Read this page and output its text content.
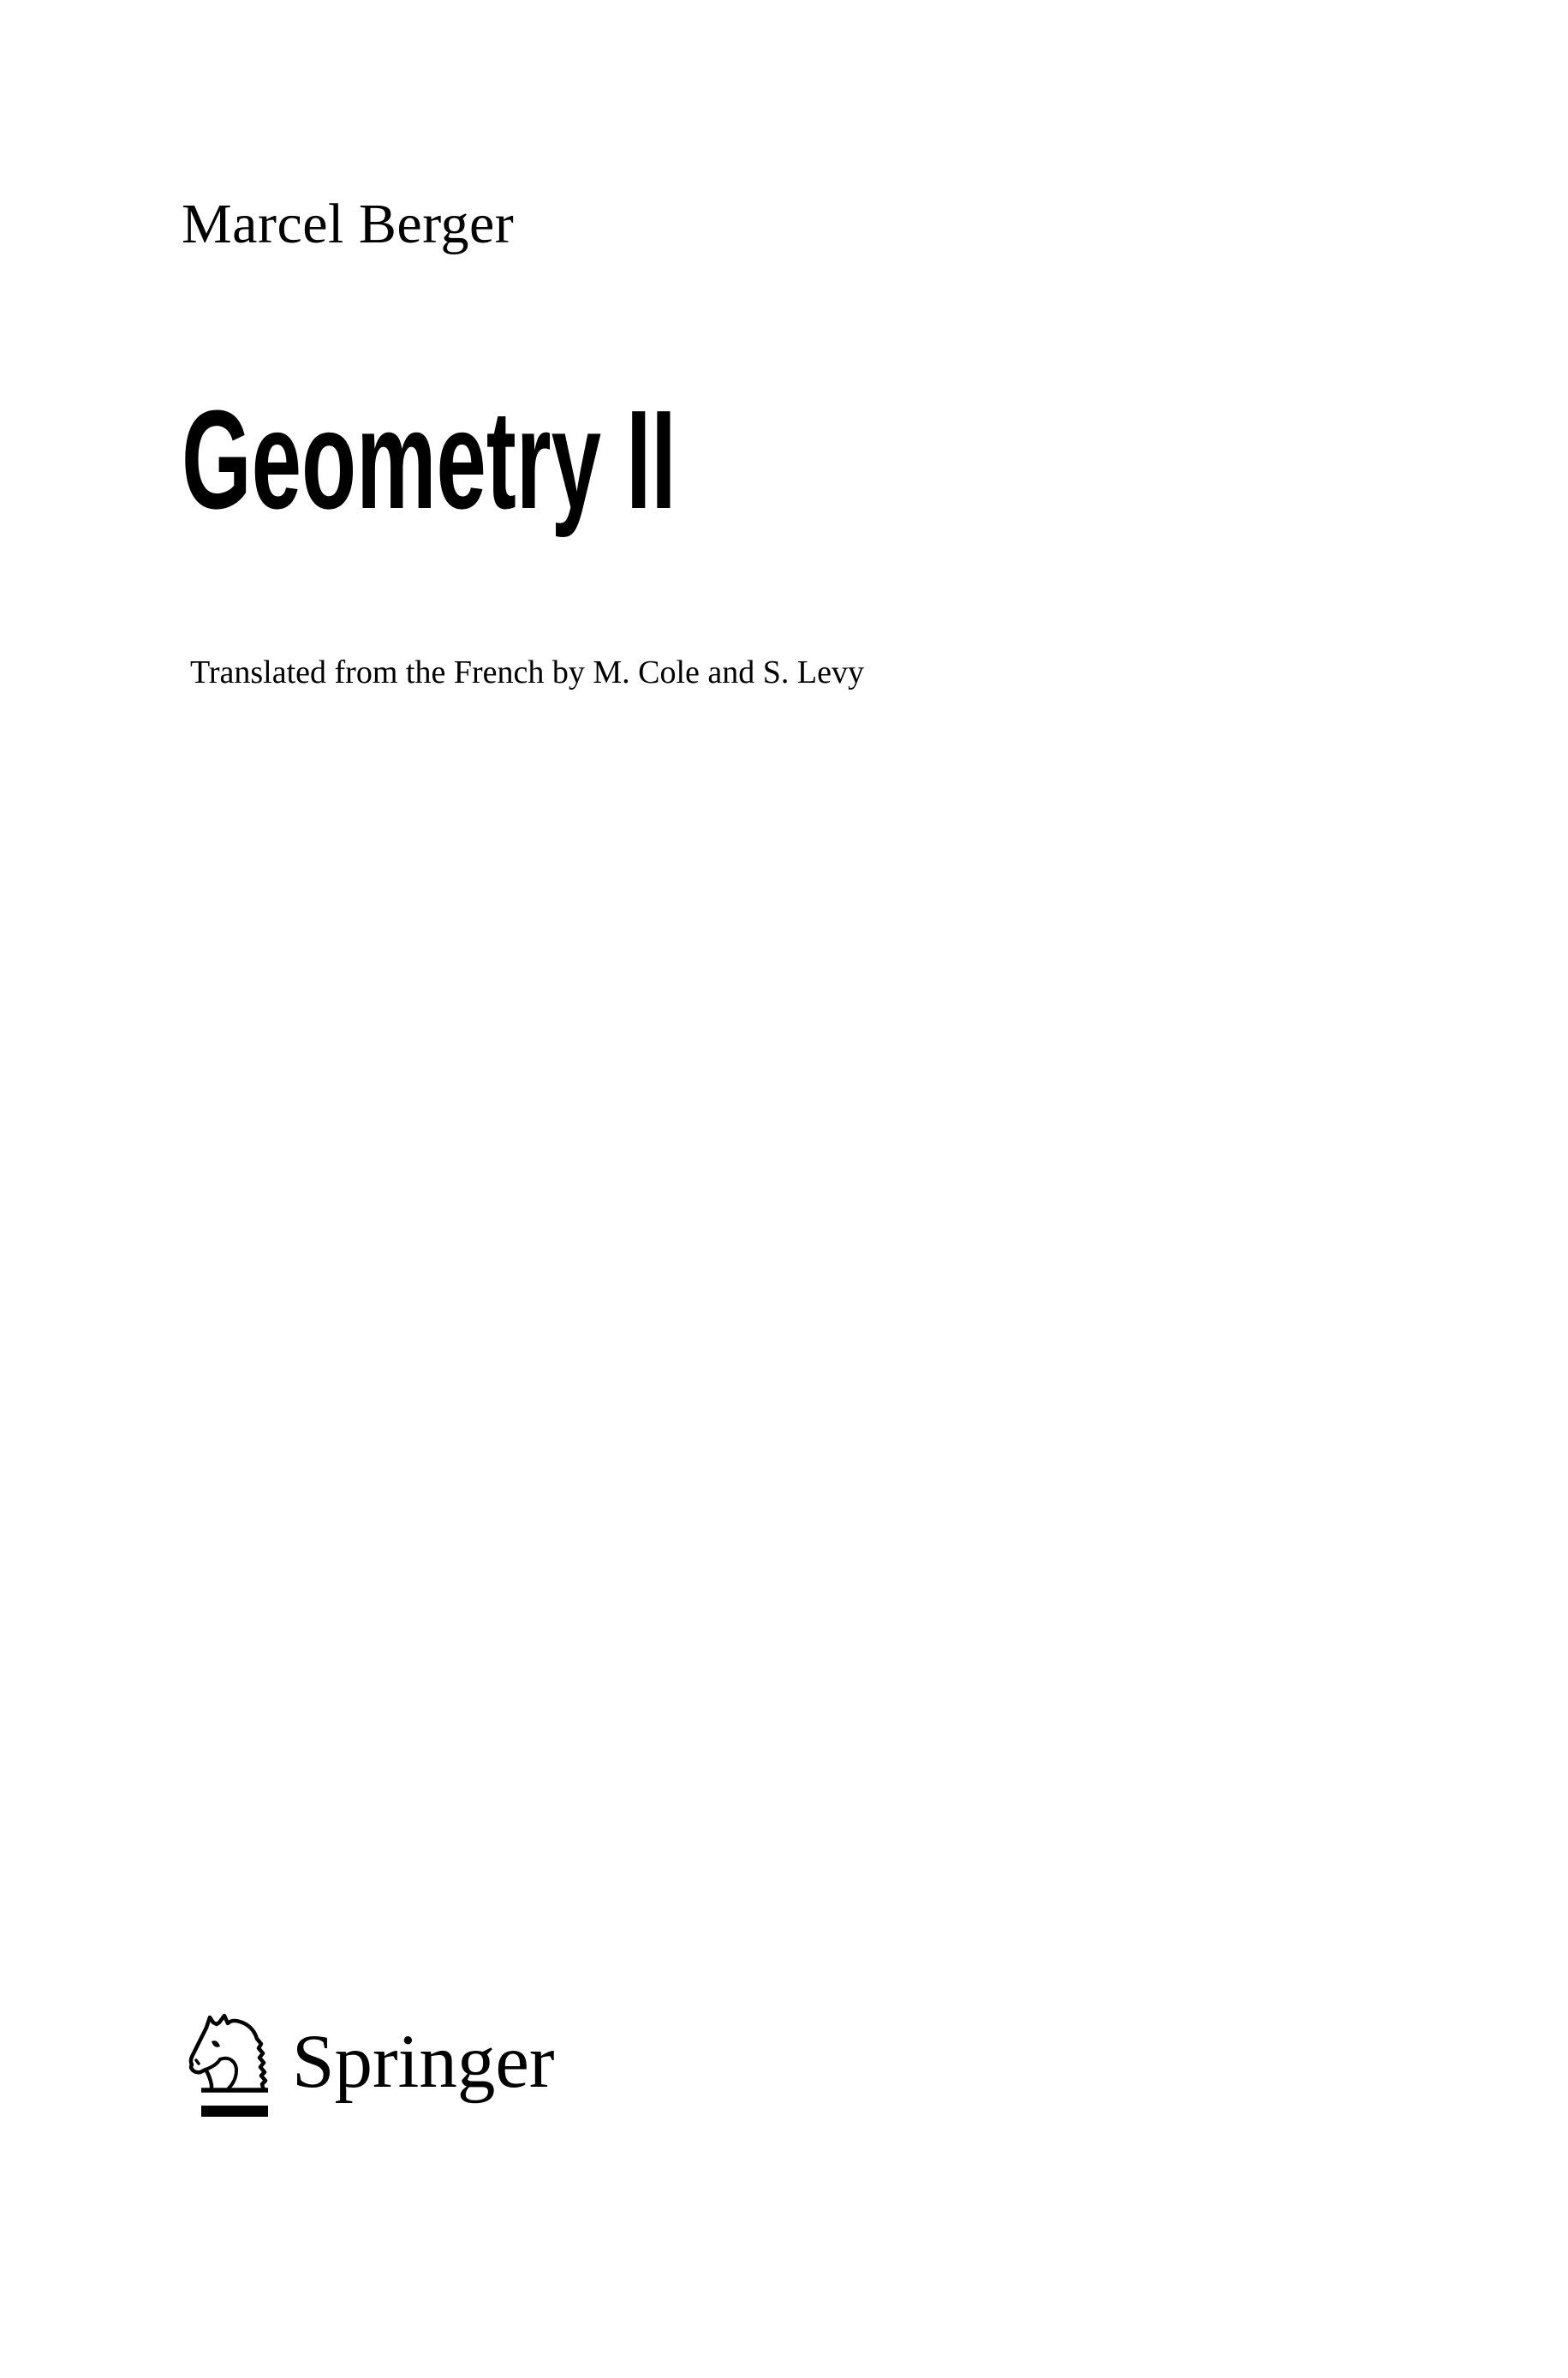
Marcel Berger
Geometry II
Translated from the French by M. Cole and S. Levy
Springer
